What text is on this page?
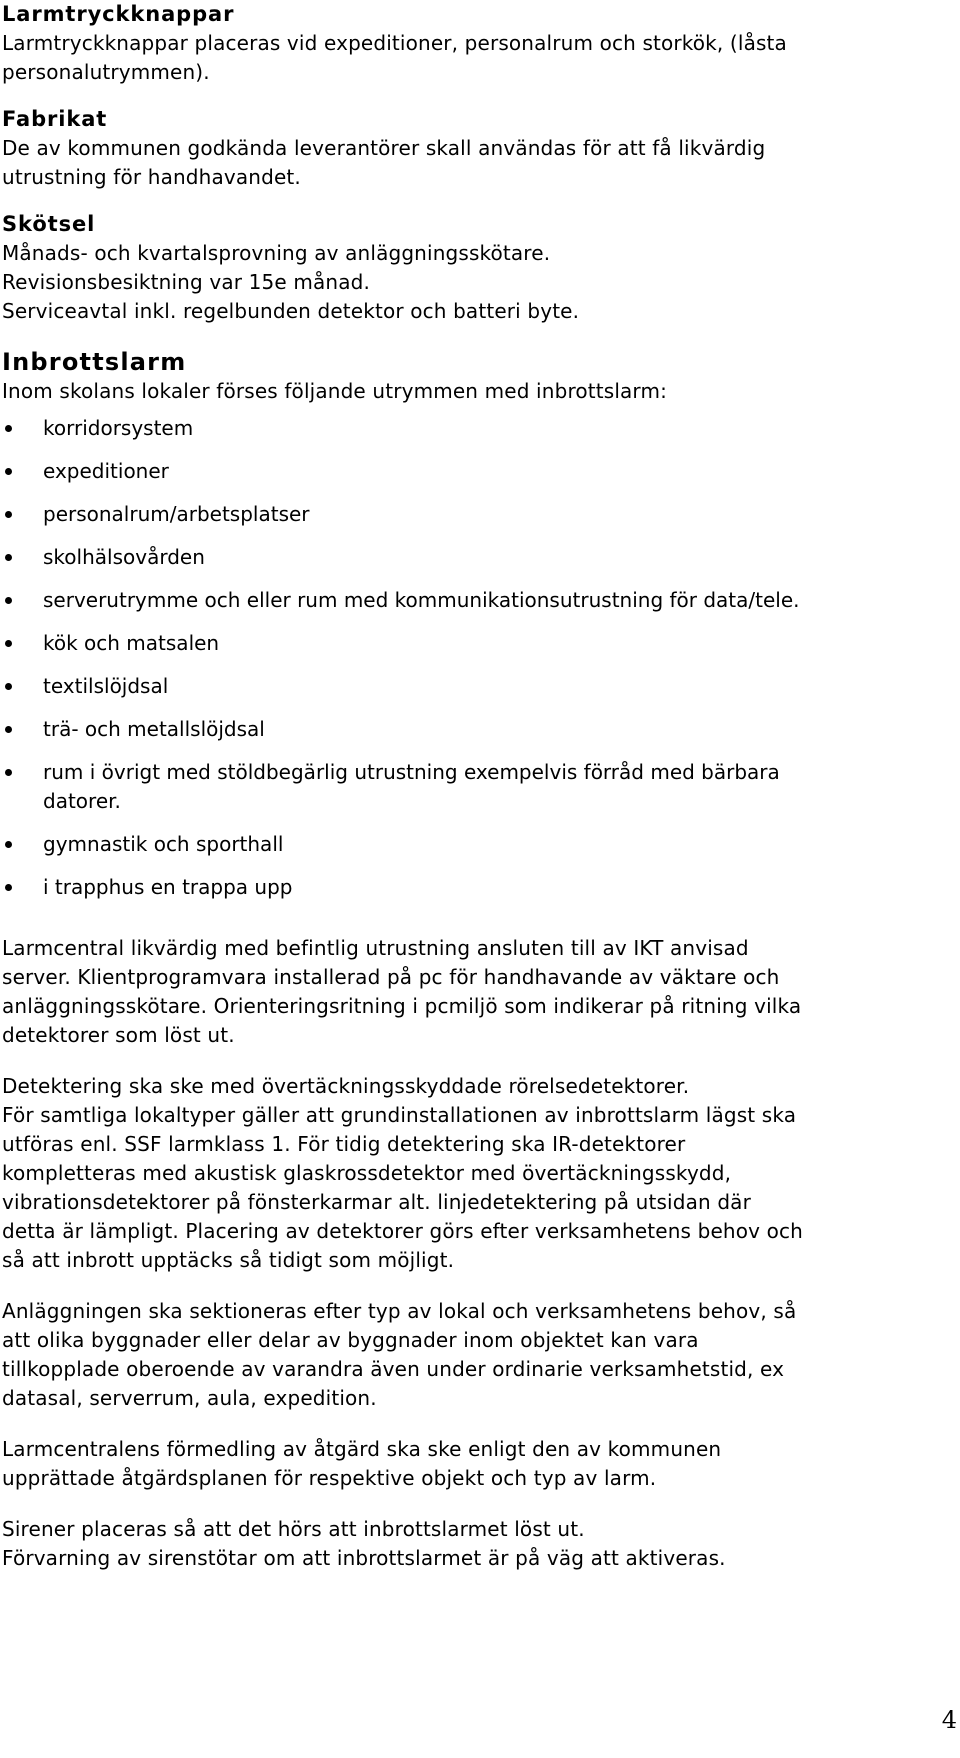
Larmtryckknappar

Larmtryckknappar placeras vid expeditioner, personalrum och storkök, (låsta

personalutrymmen).

Fabrikat

De av kommunen godkända leverantörer skall användas för att få likvärdig

utrustning för handhavandet.

Skötsel

Månads- och kvartalsprovning av anläggningsskötare.

Revisionsbesiktning var 15e månad.

Serviceavtal inkl. regelbunden detektor och batteri byte.

Inbrottslarm

Inom skolans lokaler förses följande utrymmen med inbrottslarm:

korridorsystem
expeditioner
personalrum/arbetsplatser
skolhälsovården
serverutrymme och eller rum med kommunikationsutrustning för data/tele.
kök och matsalen
textilslöjdsal
trä- och metallslöjdsal
rum i övrigt med stöldbegärlig utrustning exempelvis förråd med bärbara
datorer.
gymnastik och sporthall
i trapphus en trappa upp

Larmcentral likvärdig med befintlig utrustning ansluten till av IKT anvisad

server. Klientprogramvara installerad på pc för handhavande av väktare och

anläggningsskötare. Orienteringsritning i pcmiljö som indikerar på ritning vilka

detektorer som löst ut.

Detektering ska ske med övertäckningsskyddade rörelsedetektorer.

För samtliga lokaltyper gäller att grundinstallationen av inbrottslarm lägst ska

utföras enl. SSF larmklass 1. För tidig detektering ska IR-detektorer

kompletteras med akustisk glaskrossdetektor med övertäckningsskydd,

vibrationsdetektorer på fönsterkarmar alt. linjedetektering på utsidan där

detta är lämpligt. Placering av detektorer görs efter verksamhetens behov och

så att inbrott upptäcks så tidigt som möjligt.

Anläggningen ska sektioneras efter typ av lokal och verksamhetens behov, så

att olika byggnader eller delar av byggnader inom objektet kan vara

tillkopplade oberoende av varandra även under ordinarie verksamhetstid, ex

datasal, serverrum, aula, expedition.

Larmcentralens förmedling av åtgärd ska ske enligt den av kommunen

upprättade åtgärdsplanen för respektive objekt och typ av larm.

Sirener placeras så att det hörs att inbrottslarmet löst ut.

Förvarning av sirenstötar om att inbrottslarmet är på väg att aktiveras.

4
